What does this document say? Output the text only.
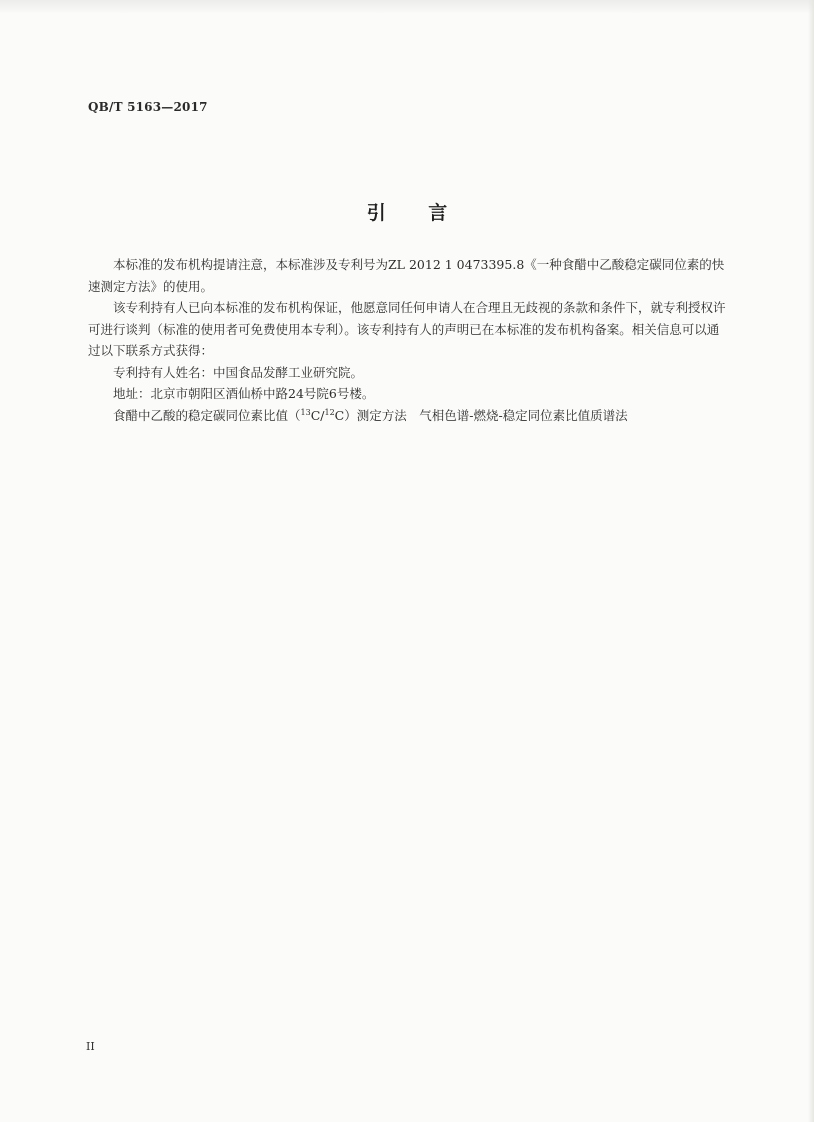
QB/T 5163—2017
引 言

本标准的发布机构提请注意，本标准涉及专利号为ZL 2012 1 0473395.8《一种食醋中乙酸稳定碳同位素的快速测定方法》的使用。

该专利持有人已向本标准的发布机构保证，他愿意同任何申请人在合理且无歧视的条款和条件下，就专利授权许可进行谈判（标准的使用者可免费使用本专利）。该专利持有人的声明已在本标准的发布机构备案。相关信息可以通过以下联系方式获得：

专利持有人姓名：中国食品发酵工业研究院。

地址：北京市朝阳区酒仙桥中路24号院6号楼。

食醋中乙酸的稳定碳同位素比值（$^{13}$C/$^{12}$C）测定方法　气相色谱-燃烧-稳定同位素比值质谱法

II
